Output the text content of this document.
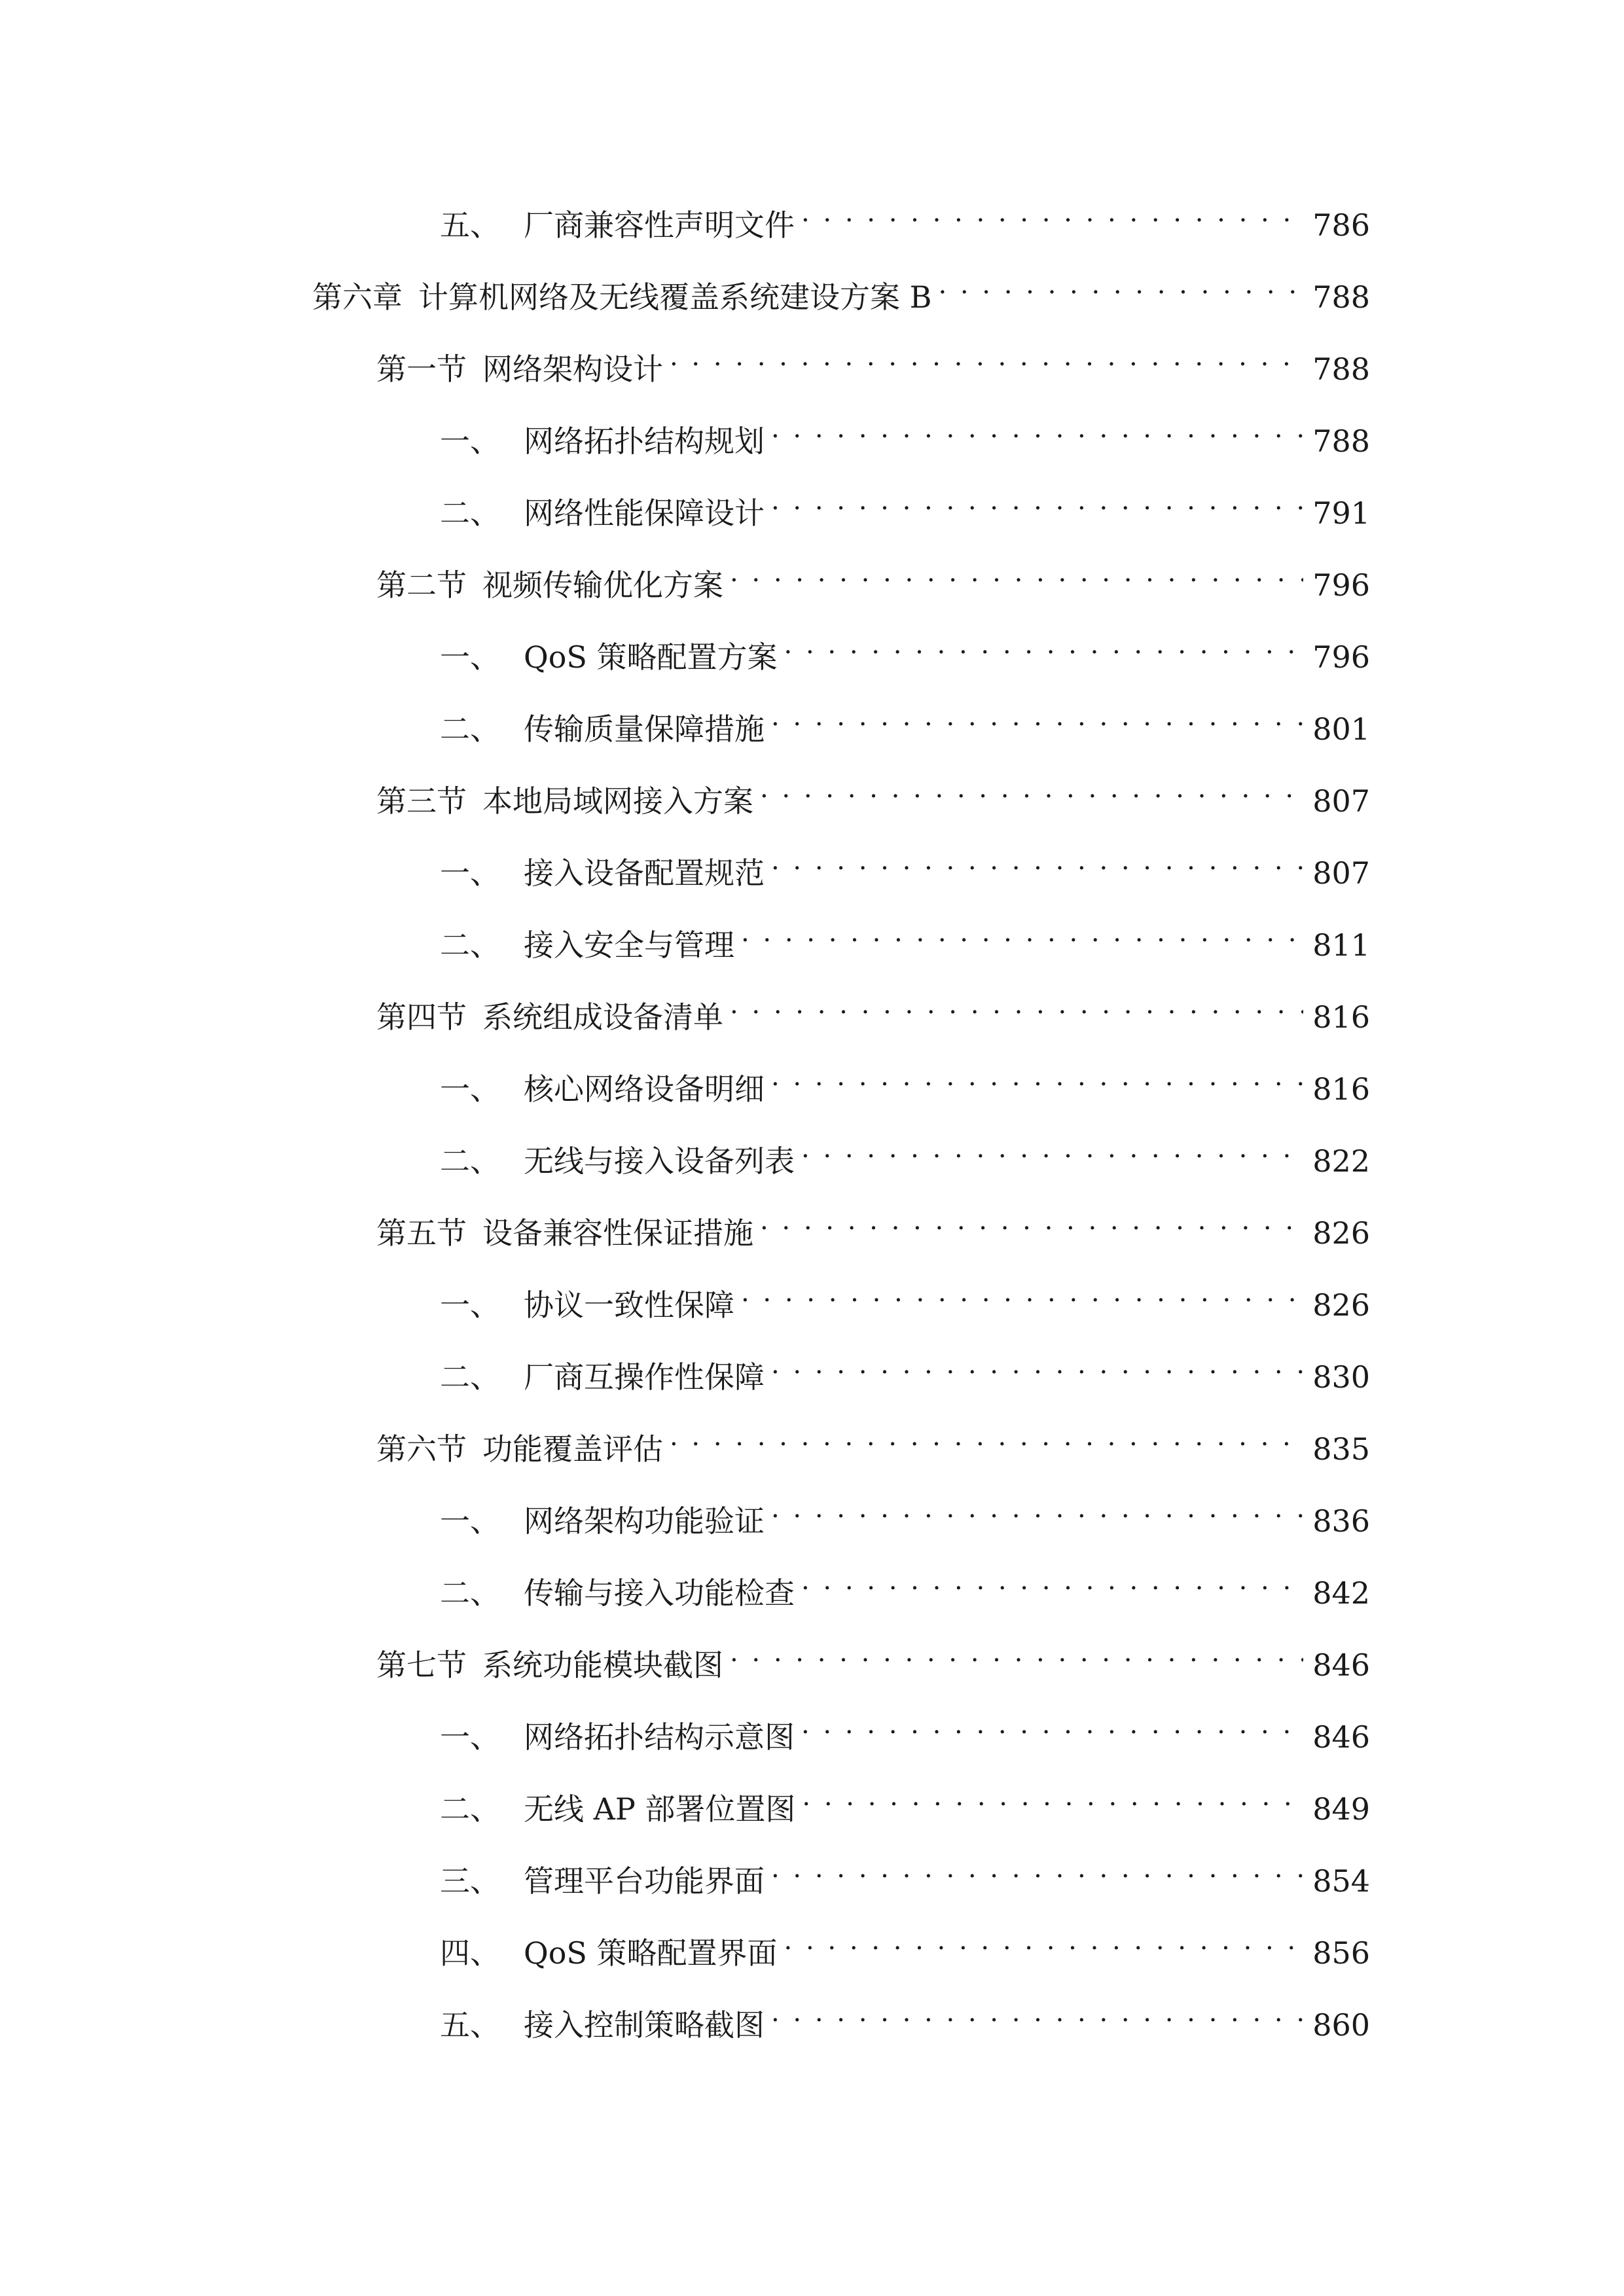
五、 厂商兼容性声明文件 . . .	786
第六章 计算机网络及无线覆盖系统建设方案 B . . .	788
第一节 网络架构设计 . . .	788
一、 网络拓扑结构规划 . . .	788
二、 网络性能保障设计 . . .	791
第二节 视频传输优化方案 . . .	796
一、 QoS 策略配置方案 . . .	796
二、 传输质量保障措施 . . .	801
第三节 本地局域网接入方案 . . .	807
一、 接入设备配置规范 . . .	807
二、 接入安全与管理 . . .	811
第四节 系统组成设备清单 . . .	816
一、 核心网络设备明细 . . .	816
二、 无线与接入设备列表 . . .	822
第五节 设备兼容性保证措施 . . .	826
一、 协议一致性保障 . . .	826
二、 厂商互操作性保障 . . .	830
第六节 功能覆盖评估 . . .	835
一、 网络架构功能验证 . . .	836
二、 传输与接入功能检查 . . .	842
第七节 系统功能模块截图 . . .	846
一、 网络拓扑结构示意图 . . .	846
二、 无线 AP 部署位置图 . . .	849
三、 管理平台功能界面 . . .	854
四、 QoS 策略配置界面 . . .	856
五、 接入控制策略截图 . . .	860
